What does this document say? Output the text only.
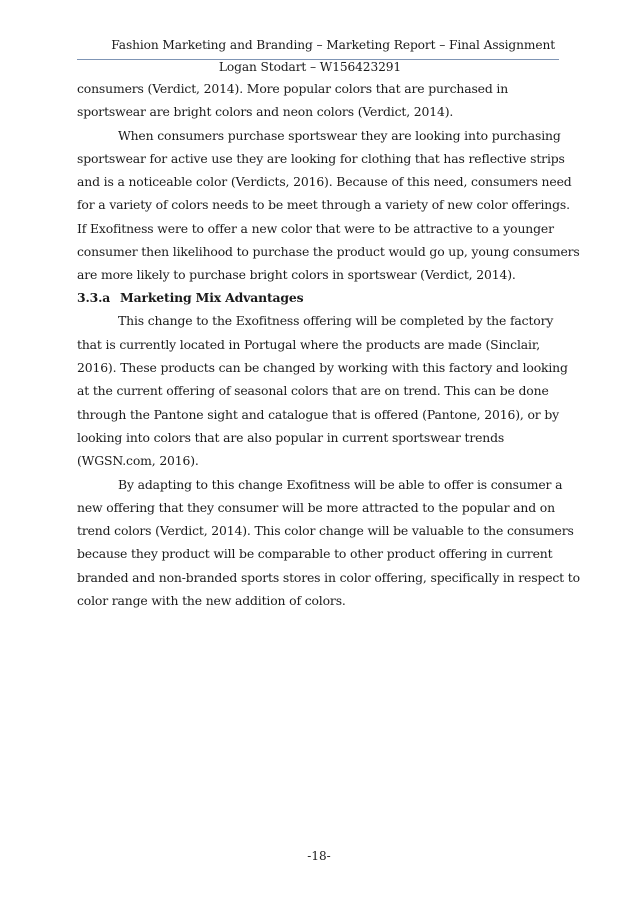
Fashion Marketing and Branding – Marketing Report – Final Assignment
Logan Stodart – W156423291
consumers (Verdict, 2014). More popular colors that are purchased in
sportswear are bright colors and neon colors (Verdict, 2014).
When consumers purchase sportswear they are looking into purchasing
sportswear for active use they are looking for clothing that has reflective strips
and is a noticeable color (Verdicts, 2016). Because of this need, consumers need
for a variety of colors needs to be meet through a variety of new color offerings.
If Exofitness were to offer a new color that were to be attractive to a younger
consumer then likelihood to purchase the product would go up, young consumers
are more likely to purchase bright colors in sportswear (Verdict, 2014).
3.3.a Marketing Mix Advantages
This change to the Exofitness offering will be completed by the factory
that is currently located in Portugal where the products are made (Sinclair,
2016). These products can be changed by working with this factory and looking
at the current offering of seasonal colors that are on trend. This can be done
through the Pantone sight and catalogue that is offered (Pantone, 2016), or by
looking into colors that are also popular in current sportswear trends
(WGSN.com, 2016).
By adapting to this change Exofitness will be able to offer is consumer a
new offering that they consumer will be more attracted to the popular and on
trend colors (Verdict, 2014). This color change will be valuable to the consumers
because they product will be comparable to other product offering in current
branded and non-branded sports stores in color offering, specifically in respect to
color range with the new addition of colors.
-18-
